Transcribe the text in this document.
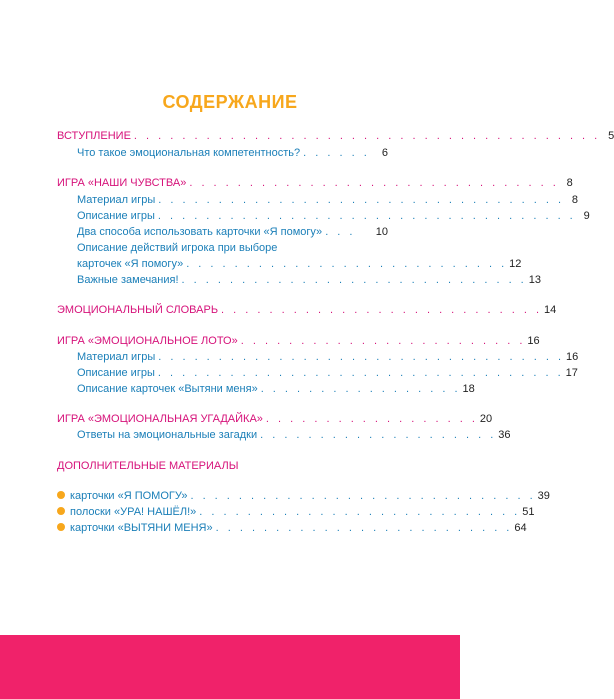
СОДЕРЖАНИЕ
ВСТУПЛЕНИЕ . . . . . . . . . . . . . . . . . . . . . . . . . . . . . . . . . . . . . . . 5
Что такое эмоциональная компетентность? . . . . . .	6
ИГРА «НАШИ ЧУВСТВА» . . . . . . . . . . . . . . . . . . . . . . . . . . . . . . . 8
Материал игры . . . . . . . . . . . . . . . . . . . . . . . . . . . . . . . . . . 8
Описание игры . . . . . . . . . . . . . . . . . . . . . . . . . . . . . . . . . . . 9
Два способа использовать карточки «Я помогу» . . .	10
Описание действий игрока при выборе
карточек «Я помогу» . . . . . . . . . . . . . . . . . . . . . . . . . . . 12
Важные замечания! . . . . . . . . . . . . . . . . . . . . . . . . . . . . . 13
ЭМОЦИОНАЛЬНЫЙ СЛОВАРЬ . . . . . . . . . . . . . . . . . . . . . . . . . . . 14
ИГРА «ЭМОЦИОНАЛЬНОЕ ЛОТО» . . . . . . . . . . . . . . . . . . . . . . . . 16
Материал игры . . . . . . . . . . . . . . . . . . . . . . . . . . . . . . . . . . 16
Описание игры . . . . . . . . . . . . . . . . . . . . . . . . . . . . . . . . . . 17
Описание карточек «Вытяни меня» . . . . . . . . . . . . . . . . . 18
ИГРА «ЭМОЦИОНАЛЬНАЯ УГАДАЙКА» . . . . . . . . . . . . . . . . . . 20
Ответы на эмоциональные загадки . . . . . . . . . . . . . . . . . . . . 36
ДОПОЛНИТЕЛЬНЫЕ МАТЕРИАЛЫ
карточки «Я ПОМОГУ» . . . . . . . . . . . . . . . . . . . . . . . . . . . . . 39
полоски «УРА! НАШЁЛ!» . . . . . . . . . . . . . . . . . . . . . . . . . . . 51
карточки «ВЫТЯНИ МЕНЯ» . . . . . . . . . . . . . . . . . . . . . . . . . 64
